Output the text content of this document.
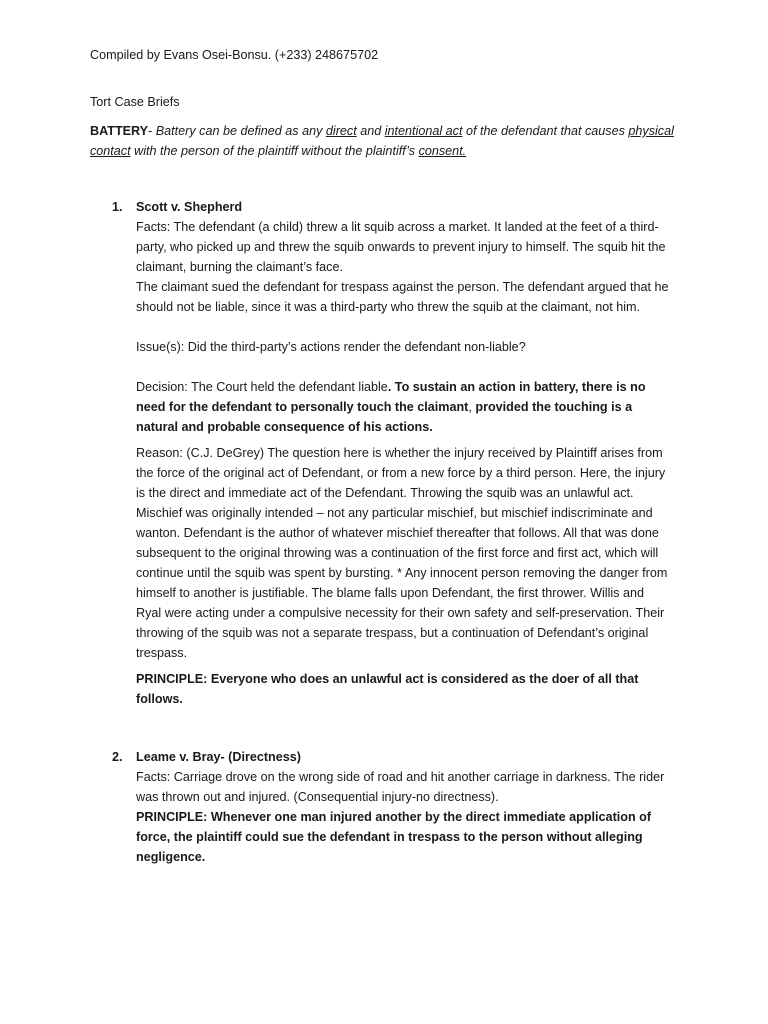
Compiled by Evans Osei-Bonsu. (+233) 248675702
Tort Case Briefs
BATTERY- Battery can be defined as any direct and intentional act of the defendant that causes physical contact with the person of the plaintiff without the plaintiff’s consent.
1.	Scott v. Shepherd

Facts: The defendant (a child) threw a lit squib across a market. It landed at the feet of a third-party, who picked up and threw the squib onwards to prevent injury to himself. The squib hit the claimant, burning the claimant’s face.

The claimant sued the defendant for trespass against the person. The defendant argued that he should not be liable, since it was a third-party who threw the squib at the claimant, not him.

Issue(s): Did the third-party’s actions render the defendant non-liable?

Decision: The Court held the defendant liable. To sustain an action in battery, there is no need for the defendant to personally touch the claimant, provided the touching is a natural and probable consequence of his actions.

Reason: (C.J. DeGrey) The question here is whether the injury received by Plaintiff arises from the force of the original act of Defendant, or from a new force by a third person. Here, the injury is the direct and immediate act of the Defendant. Throwing the squib was an unlawful act. Mischief was originally intended – not any particular mischief, but mischief indiscriminate and wanton. Defendant is the author of whatever mischief thereafter that follows. All that was done subsequent to the original throwing was a continuation of the first force and first act, which will continue until the squib was spent by bursting. * Any innocent person removing the danger from himself to another is justifiable. The blame falls upon Defendant, the first thrower. Willis and Ryal were acting under a compulsive necessity for their own safety and self-preservation. Their throwing of the squib was not a separate trespass, but a continuation of Defendant’s original trespass.

PRINCIPLE: Everyone who does an unlawful act is considered as the doer of all that follows.

2.	Leame v. Bray- (Directness)

Facts: Carriage drove on the wrong side of road and hit another carriage in darkness. The rider was thrown out and injured. (Consequential injury-no directness).

PRINCIPLE: Whenever one man injured another by the direct immediate application of force, the plaintiff could sue the defendant in trespass to the person without alleging negligence.
